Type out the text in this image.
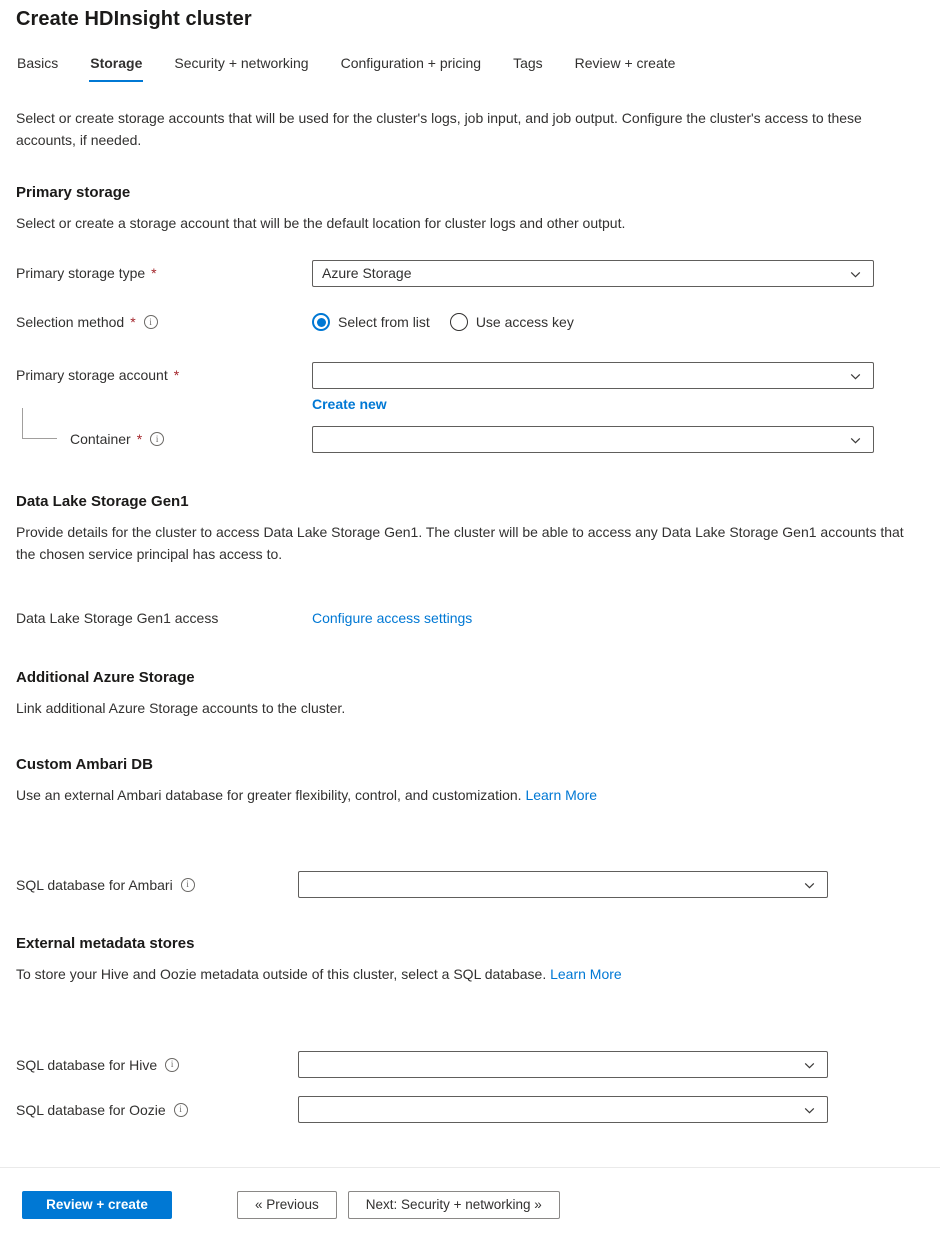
Create HDInsight cluster
Basics Storage Security + networking Configuration + pricing Tags Review + create
Select or create storage accounts that will be used for the cluster's logs, job input, and job output. Configure the cluster's access to these accounts, if needed.
Primary storage
Select or create a storage account that will be the default location for cluster logs and other output.
Primary storage type *	Azure Storage
Selection method *	i	Select from list	Use access key
Primary storage account *
Create new
Container *	i
Data Lake Storage Gen1
Provide details for the cluster to access Data Lake Storage Gen1. The cluster will be able to access any Data Lake Storage Gen1 accounts that the chosen service principal has access to.
Data Lake Storage Gen1 access	Configure access settings
Additional Azure Storage
Link additional Azure Storage accounts to the cluster.
Custom Ambari DB
Use an external Ambari database for greater flexibility, control, and customization. Learn More
SQL database for Ambari	i
External metadata stores
To store your Hive and Oozie metadata outside of this cluster, select a SQL database. Learn More
SQL database for Hive	i
SQL database for Oozie	i
Review + create	« Previous	Next: Security + networking »
